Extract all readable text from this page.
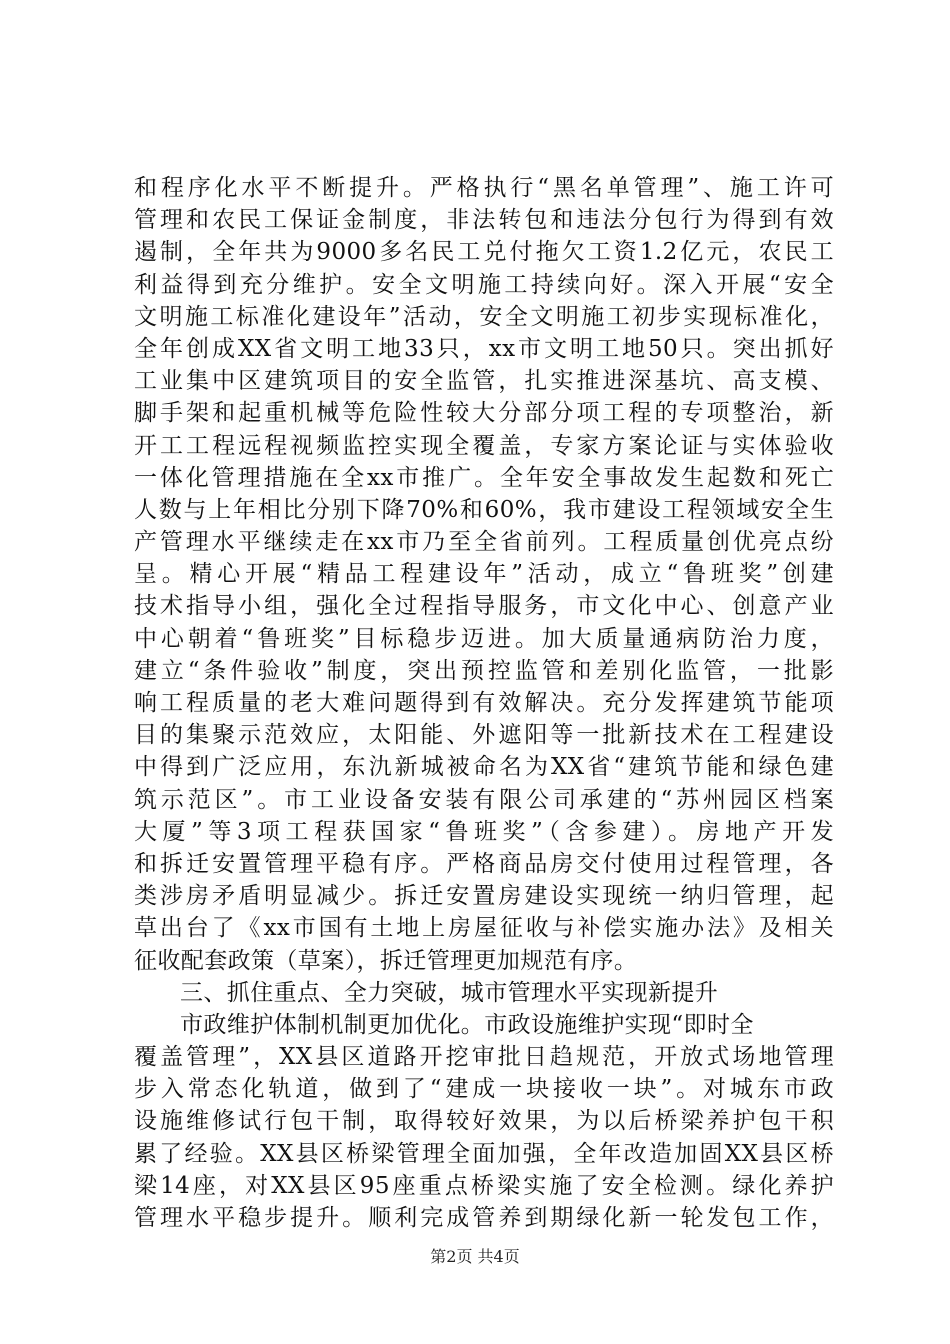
和程序化水平不断提升。严格执行“黑名单管理”、施工许可
管理和农民工保证金制度，非法转包和违法分包行为得到有效
遏制，全年共为9000多名民工兑付拖欠工资1.2亿元，农民工
利益得到充分维护。安全文明施工持续向好。深入开展“安全
文明施工标准化建设年”活动，安全文明施工初步实现标准化，
全年创成XX省文明工地33只，xx市文明工地50只。突出抓好
工业集中区建筑项目的安全监管，扎实推进深基坑、高支模、
脚手架和起重机械等危险性较大分部分项工程的专项整治，新
开工工程远程视频监控实现全覆盖，专家方案论证与实体验收
一体化管理措施在全xx市推广。全年安全事故发生起数和死亡
人数与上年相比分别下降70%和60%，我市建设工程领域安全生
产管理水平继续走在xx市乃至全省前列。工程质量创优亮点纷
呈。精心开展“精品工程建设年”活动，成立“鲁班奖”创建
技术指导小组，强化全过程指导服务，市文化中心、创意产业
中心朝着“鲁班奖”目标稳步迈进。加大质量通病防治力度，
建立“条件验收”制度，突出预控监管和差别化监管，一批影
响工程质量的老大难问题得到有效解决。充分发挥建筑节能项
目的集聚示范效应，太阳能、外遮阳等一批新技术在工程建设
中得到广泛应用，东氿新城被命名为XX省“建筑节能和绿色建
筑示范区”。市工业设备安装有限公司承建的“苏州园区档案
大厦”等3项工程获国家“鲁班奖”（含参建）。房地产开发
和拆迁安置管理平稳有序。严格商品房交付使用过程管理，各
类涉房矛盾明显减少。拆迁安置房建设实现统一纳归管理，起
草出台了《xx市国有土地上房屋征收与补偿实施办法》及相关
征收配套政策（草案），拆迁管理更加规范有序。
三、抓住重点、全力突破，城市管理水平实现新提升
市政维护体制机制更加优化。市政设施维护实现“即时全
覆盖管理”，XX县区道路开挖审批日趋规范，开放式场地管理
步入常态化轨道，做到了“建成一块接收一块”。对城东市政
设施维修试行包干制，取得较好效果，为以后桥梁养护包干积
累了经验。XX县区桥梁管理全面加强，全年改造加固XX县区桥
梁14座，对XX县区95座重点桥梁实施了安全检测。绿化养护
管理水平稳步提升。顺利完成管养到期绿化新一轮发包工作，
第2页 共4页
